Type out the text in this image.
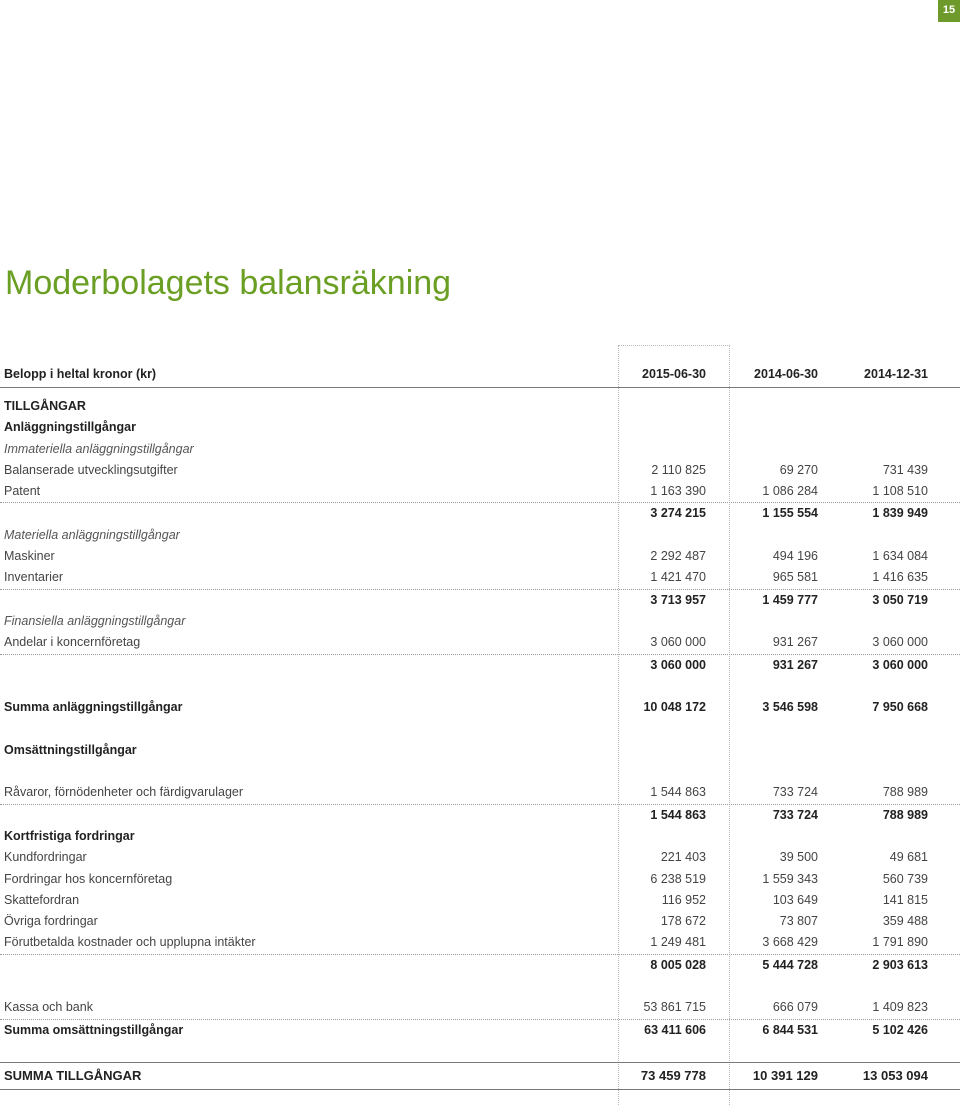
15
Moderbolagets balansräkning
Belopp i heltal kronor (kr)	2015-06-30	2014-06-30	2014-12-31
TILLGÅNGAR
Anläggningstillgångar
Immateriella anläggningstillgångar
Balanserade utvecklingsutgifter	2 110 825	69 270	731 439
Patent	1 163 390	1 086 284	1 108 510
3 274 215	1 155 554	1 839 949
Materiella anläggningstillgångar
Maskiner	2 292 487	494 196	1 634 084
Inventarier	1 421 470	965 581	1 416 635
3 713 957	1 459 777	3 050 719
Finansiella anläggningstillgångar
Andelar i koncernföretag	3 060 000	931 267	3 060 000
3 060 000	931 267	3 060 000
Summa anläggningstillgångar	10 048 172	3 546 598	7 950 668
Omsättningstillgångar
Råvaror, förnödenheter och färdigvarulager	1 544 863	733 724	788 989
1 544 863	733 724	788 989
Kortfristiga fordringar
Kundfordringar	221 403	39 500	49 681
Fordringar hos koncernföretag	6 238 519	1 559 343	560 739
Skattefordran	116 952	103 649	141 815
Övriga fordringar	178 672	73 807	359 488
Förutbetalda kostnader och upplupna intäkter	1 249 481	3 668 429	1 791 890
8 005 028	5 444 728	2 903 613
Kassa och bank	53 861 715	666 079	1 409 823
Summa omsättningstillgångar	63 411 606	6 844 531	5 102 426
SUMMA TILLGÅNGAR	73 459 778	10 391 129	13 053 094
